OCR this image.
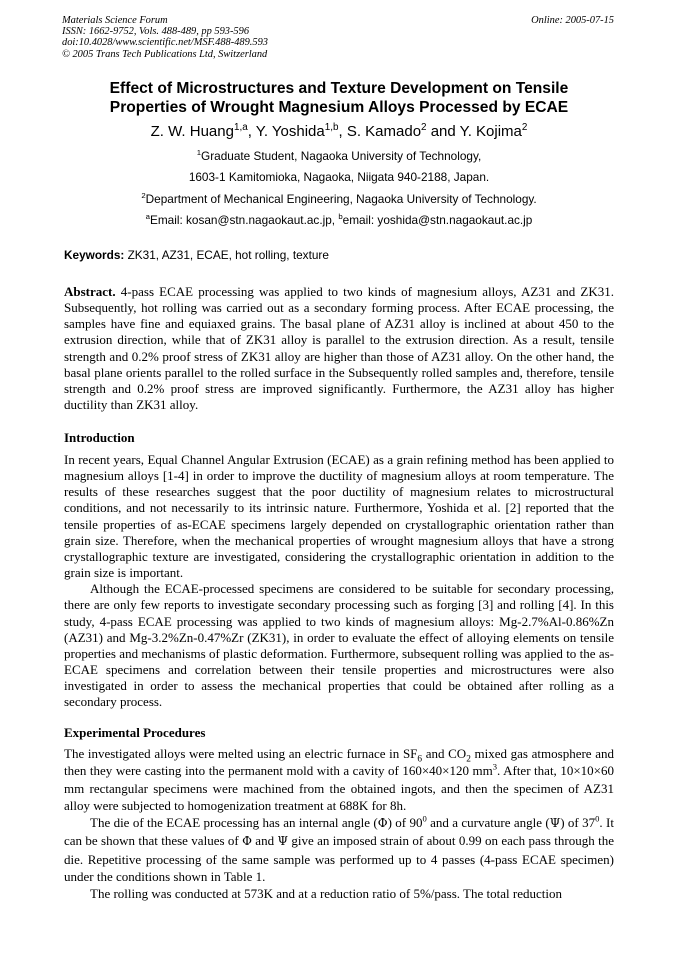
Materials Science Forum
ISSN: 1662-9752, Vols. 488-489, pp 593-596
doi:10.4028/www.scientific.net/MSF.488-489.593
© 2005 Trans Tech Publications Ltd, Switzerland
Online: 2005-07-15
Effect of Microstructures and Texture Development on Tensile
Properties of Wrought Magnesium Alloys Processed by ECAE
Z. W. Huang$^{1,a}$, Y. Yoshida$^{1,b}$, S. Kamado$^2$ and Y. Kojima$^2$
$^1$Graduate Student, Nagaoka University of Technology,
1603-1 Kamitomioka, Nagaoka, Niigata 940-2188, Japan.
$^2$Department of Mechanical Engineering, Nagaoka University of Technology.
$^a$Email: kosan@stn.nagaokaut.ac.jp, $^b$email: yoshida@stn.nagaokaut.ac.jp
Keywords: ZK31, AZ31, ECAE, hot rolling, texture

Abstract. 4-pass ECAE processing was applied to two kinds of magnesium alloys, AZ31 and ZK31. Subsequently, hot rolling was carried out as a secondary forming process. After ECAE processing, the samples have fine and equiaxed grains. The basal plane of AZ31 alloy is inclined at about 450 to the extrusion direction, while that of ZK31 alloy is parallel to the extrusion direction. As a result, tensile strength and 0.2% proof stress of ZK31 alloy are higher than those of AZ31 alloy. On the other hand, the basal plane orients parallel to the rolled surface in the Subsequently rolled samples and, therefore, tensile strength and 0.2% proof stress are improved significantly. Furthermore, the AZ31 alloy has higher ductility than ZK31 alloy.

Introduction

In recent years, Equal Channel Angular Extrusion (ECAE) as a grain refining method has been applied to magnesium alloys [1-4] in order to improve the ductility of magnesium alloys at room temperature. The results of these researches suggest that the poor ductility of magnesium relates to microstructural conditions, and not necessarily to its intrinsic nature. Furthermore, Yoshida et al. [2] reported that the tensile properties of as-ECAE specimens largely depended on crystallographic orientation rather than grain size. Therefore, when the mechanical properties of wrought magnesium alloys that have a strong crystallographic texture are investigated, considering the crystallographic orientation in addition to the grain size is important.

Although the ECAE-processed specimens are considered to be suitable for secondary processing, there are only few reports to investigate secondary processing such as forging [3] and rolling [4]. In this study, 4-pass ECAE processing was applied to two kinds of magnesium alloys: Mg-2.7%Al-0.86%Zn (AZ31) and Mg-3.2%Zn-0.47%Zr (ZK31), in order to evaluate the effect of alloying elements on tensile properties and mechanisms of plastic deformation. Furthermore, subsequent rolling was applied to the as-ECAE specimens and correlation between their tensile properties and microstructures were also investigated in order to assess the mechanical properties that could be obtained after rolling as a secondary process.

Experimental Procedures

The investigated alloys were melted using an electric furnace in $SF_6$ and $CO_2$ mixed gas atmosphere and then they were casting into the permanent mold with a cavity of 160×40×120 $mm^3$. After that, 10×10×60 mm rectangular specimens were machined from the obtained ingots, and then the specimen of AZ31 alloy were subjected to homogenization treatment at 688K for 8h.

The die of the ECAE processing has an internal angle (Φ) of $90^0$ and a curvature angle (Ψ) of $37^0$. It can be shown that these values of Φ and Ψ give an imposed strain of about 0.99 on each pass through the die. Repetitive processing of the same sample was performed up to 4 passes (4-pass ECAE specimen) under the conditions shown in Table 1.

The rolling was conducted at 573K and at a reduction ratio of 5%/pass. The total reduction
